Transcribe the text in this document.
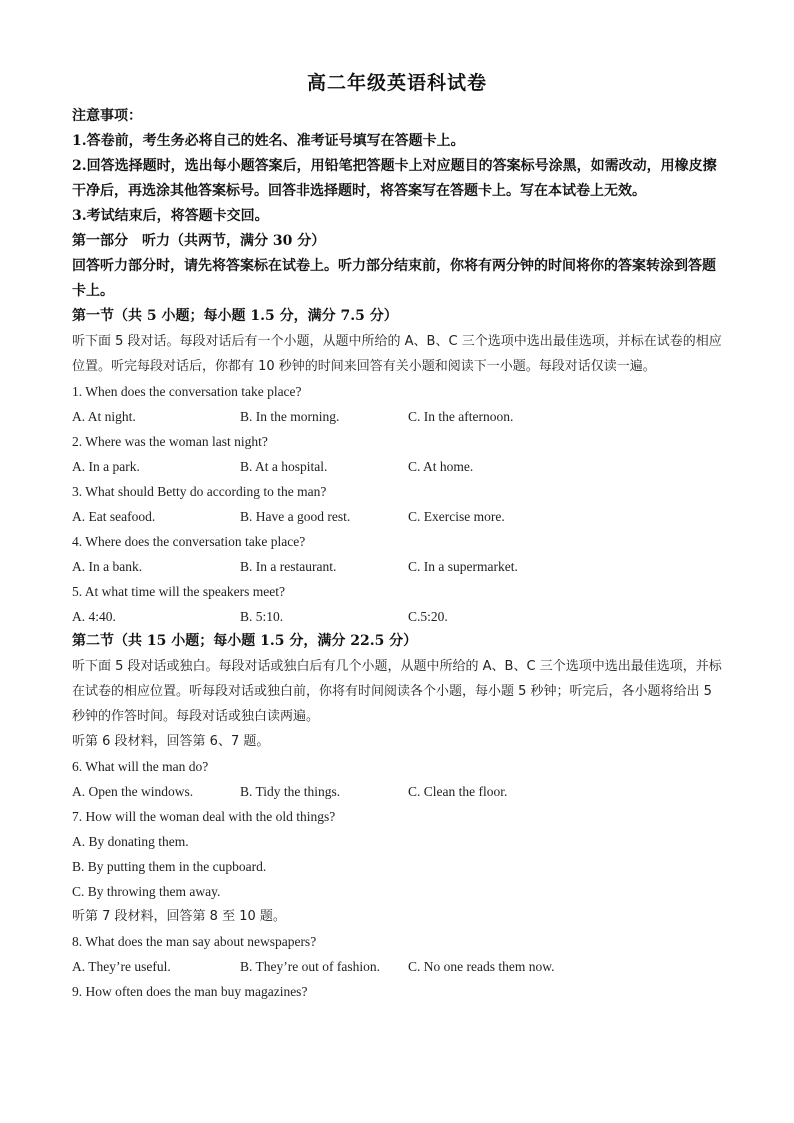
高二年级英语科试卷

注意事项：

1.答卷前，考生务必将自己的姓名、准考证号填写在答题卡上。

2.回答选择题时，选出每小题答案后，用铅笔把答题卡上对应题目的答案标号涂黑，如需改动，用橡皮擦干净后，再选涂其他答案标号。回答非选择题时，将答案写在答题卡上。写在本试卷上无效。

3.考试结束后，将答题卡交回。

第一部分　听力（共两节，满分 30 分）

回答听力部分时，请先将答案标在试卷上。听力部分结束前，你将有两分钟的时间将你的答案转涂到答题卡上。

第一节（共 5 小题；每小题 1.5 分，满分 7.5 分）

听下面 5 段对话。每段对话后有一个小题，从题中所给的 A、B、C 三个选项中选出最佳选项，并标在试卷的相应位置。听完每段对话后，你都有 10 秒钟的时间来回答有关小题和阅读下一小题。每段对话仅读一遍。

1. When does the conversation take place?

A. At night.	B. In the morning.	C. In the afternoon.

2. Where was the woman last night?

A. In a park.	B. At a hospital.	C. At home.

3. What should Betty do according to the man?

A. Eat seafood.	B. Have a good rest.	C. Exercise more.

4. Where does the conversation take place?

A. In a bank.	B. In a restaurant.	C. In a supermarket.

5. At what time will the speakers meet?

A. 4:40.	B. 5:10.	C.5:20.

第二节（共 15 小题；每小题 1.5 分，满分 22.5 分）

听下面 5 段对话或独白。每段对话或独白后有几个小题，从题中所给的 A、B、C 三个选项中选出最佳选项，并标在试卷的相应位置。听每段对话或独白前，你将有时间阅读各个小题，每小题 5 秒钟；听完后，各小题将给出 5 秒钟的作答时间。每段对话或独白读两遍。

听第 6 段材料，回答第 6、7 题。

6. What will the man do?

A. Open the windows.	B. Tidy the things.	C. Clean the floor.

7. How will the woman deal with the old things?

A. By donating them.

B. By putting them in the cupboard.

C. By throwing them away.

听第 7 段材料，回答第 8 至 10 题。

8. What does the man say about newspapers?

A. They’re useful.	B. They’re out of fashion.	C. No one reads them now.

9. How often does the man buy magazines?
